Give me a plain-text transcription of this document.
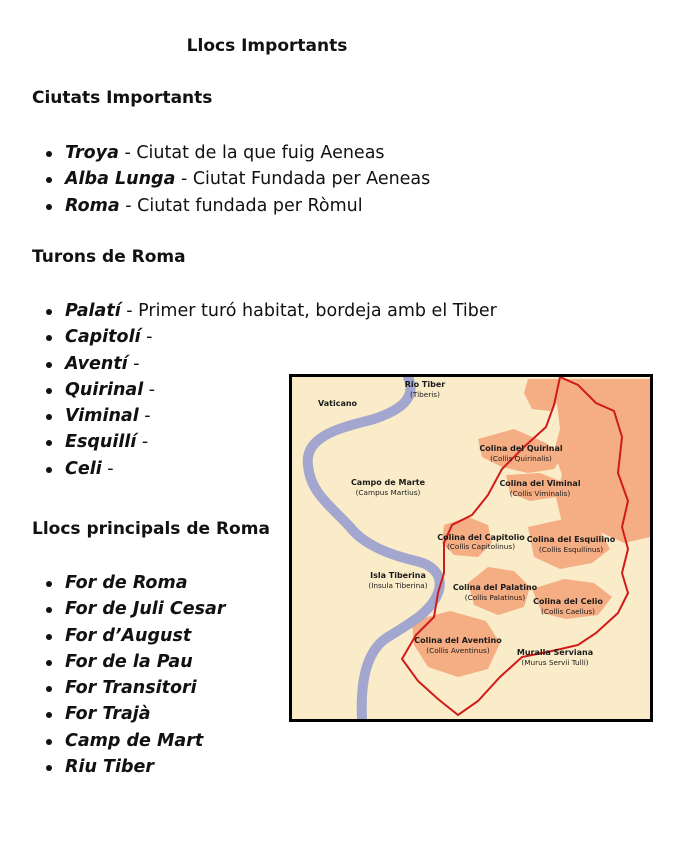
Llocs Importants
Ciutats Importants
Troya - Ciutat de la que fuig Aeneas
Alba Lunga - Ciutat Fundada per Aeneas
Roma - Ciutat fundada per Ròmul
Turons de Roma
Palatí - Primer turó habitat, bordeja amb el Tiber
Capitolí -
Aventí -
Quirinal -
Viminal -
Esquillí -
Celi -
Llocs principals de Roma
For de Roma
For de Juli Cesar
For d’August
For de la Pau
For Transitori
For Trajà
Camp de Mart
Riu Tiber
Rio Tiber
(Tiberis)
Vaticano
Campo de Marte
(Campus Martius)
Colina del Quirinal
(Collis Quirinalis)
Colina del Viminal
(Collis Viminalis)
Colina del Capitolio
(Collis Capitolinus)
Colina del Esquilino
(Collis Esquilinus)
Isla Tiberina
(Insula Tiberina)	Colina del Palatino
(Collis Palatinus) Colina del Celio
(Collis Caelius)
Colina del Aventino
(Collis Aventinus)	Muralla Serviana
(Murus Servii Tulli)
